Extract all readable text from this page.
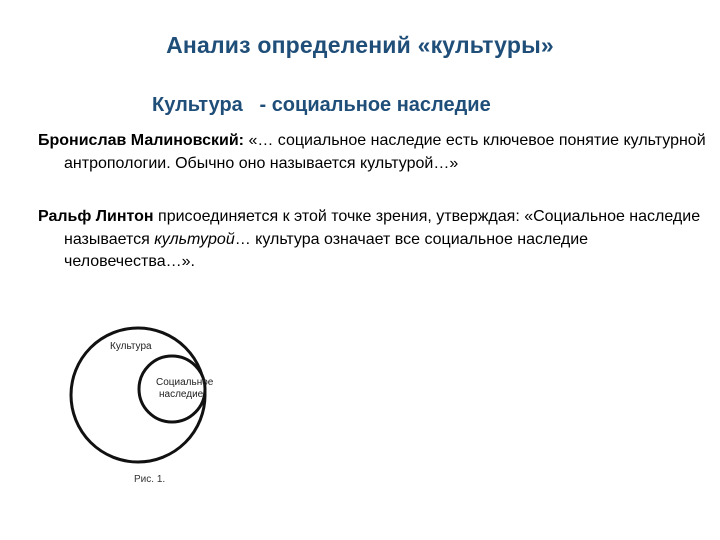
Анализ определений «культуры»
Культура   - социальное наследие
Бронислав Малиновский: «… социальное наследие есть ключевое понятие культурной антропологии. Обычно оно называется культурой…»
Ральф Линтон присоединяется к этой точке зрения, утверждая: «Социальное наследие называется культурой… культура означает все социальное наследие человечества…».
Культура
Социальное
наследие
Рис. 1.
